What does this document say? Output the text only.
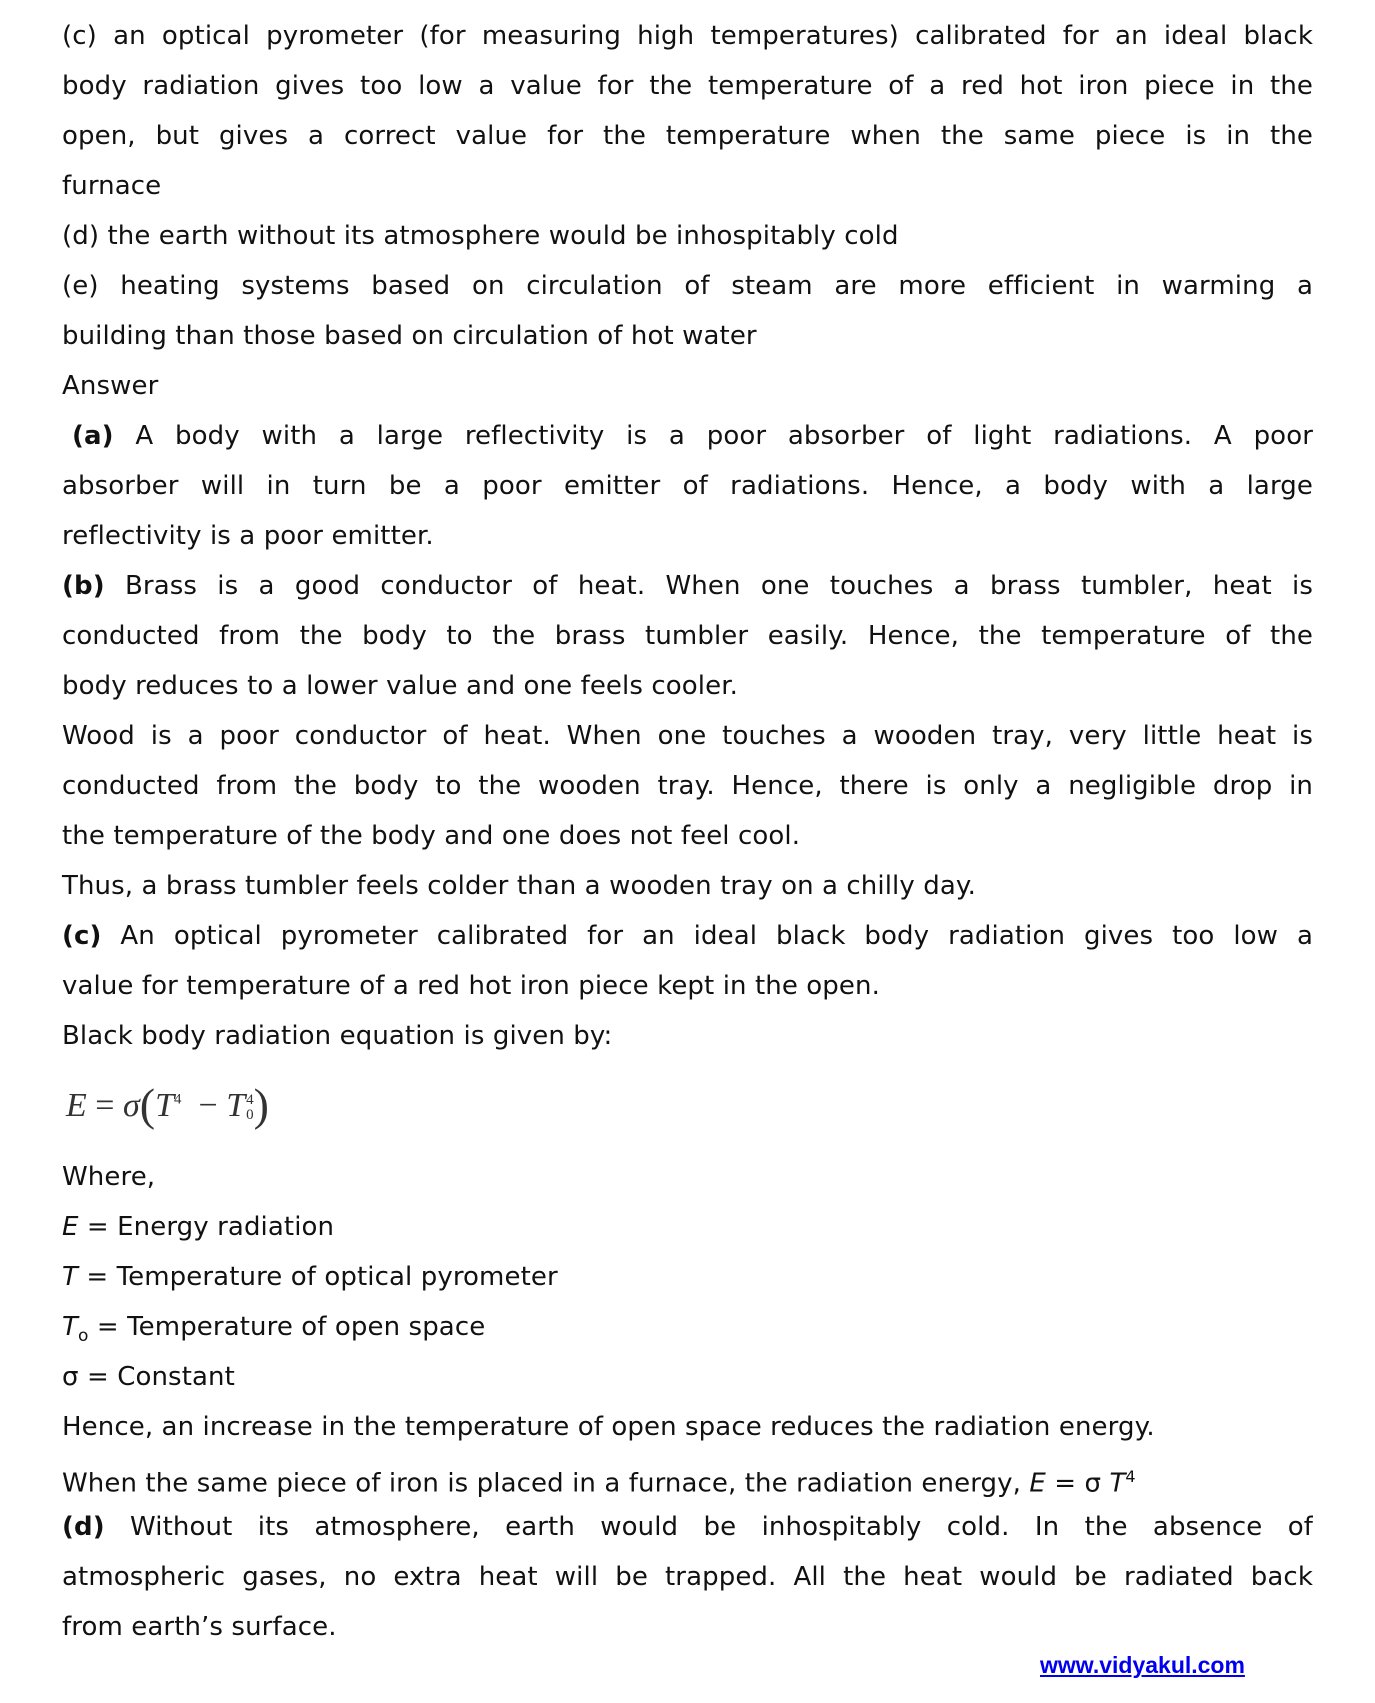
(c) an optical pyrometer (for measuring high temperatures) calibrated for an ideal black
body radiation gives too low a value for the temperature of a red hot iron piece in the
open, but gives a correct value for the temperature when the same piece is in the
furnace
(d) the earth without its atmosphere would be inhospitably cold
(e) heating systems based on circulation of steam are more efficient in warming a
building than those based on circulation of hot water
Answer
(a) A body with a large reflectivity is a poor absorber of light radiations. A poor
absorber will in turn be a poor emitter of radiations. Hence, a body with a large
reflectivity is a poor emitter.
(b) Brass is a good conductor of heat. When one touches a brass tumbler, heat is
conducted from the body to the brass tumbler easily. Hence, the temperature of the
body reduces to a lower value and one feels cooler.
Wood is a poor conductor of heat. When one touches a wooden tray, very little heat is
conducted from the body to the wooden tray. Hence, there is only a negligible drop in
the temperature of the body and one does not feel cool.
Thus, a brass tumbler feels colder than a wooden tray on a chilly day.
(c) An optical pyrometer calibrated for an ideal black body radiation gives too low a
value for temperature of a red hot iron piece kept in the open.
Black body radiation equation is given by:
$E = \sigma(T^4 - T$ 4
0 )
Where,
E = Energy radiation
T = Temperature of optical pyrometer
$T_o$ = Temperature of open space
σ = Constant
Hence, an increase in the temperature of open space reduces the radiation energy.
When the same piece of iron is placed in a furnace, the radiation energy, E = σ $T^4$
(d) Without its atmosphere, earth would be inhospitably cold. In the absence of
atmospheric gases, no extra heat will be trapped. All the heat would be radiated back
from earth’s surface.
www.vidyakul.com
